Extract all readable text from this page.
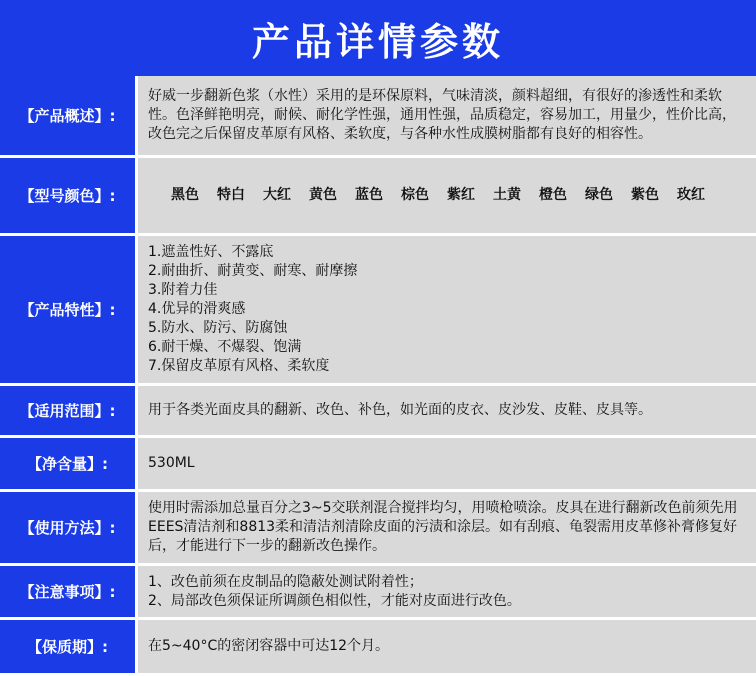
产品详情参数
【产品概述】:
好威一步翻新色浆（水性）采用的是环保原料，气味清淡，颜料超细，有很好的渗透性和柔软性。色泽鲜艳明亮，耐候、耐化学性强，通用性强，品质稳定，容易加工，用量少，性价比高，改色完之后保留皮革原有风格、柔软度，与各种水性成膜树脂都有良好的相容性。
【型号颜色】:	黑色 特白 大红 黄色 蓝色 棕色 紫红 土黄 橙色 绿色 紫色 玫红
【产品特性】:
1.遮盖性好、不露底
2.耐曲折、耐黄变、耐寒、耐摩擦
3.附着力佳
4.优异的滑爽感
5.防水、防污、防腐蚀
6.耐干燥、不爆裂、饱满
7.保留皮革原有风格、柔软度
【适用范围】:	用于各类光面皮具的翻新、改色、补色，如光面的皮衣、皮沙发、皮鞋、皮具等。
【净含量】:	530ML
【使用方法】:
使用时需添加总量百分之3~5交联剂混合搅拌均匀，用喷枪喷涂。皮具在进行翻新改色前须先用EEES清洁剂和8813柔和清洁剂清除皮面的污渍和涂层。如有刮痕、龟裂需用皮革修补膏修复好后，才能进行下一步的翻新改色操作。
【注意事项】:
1、改色前须在皮制品的隐蔽处测试附着性；
2、局部改色须保证所调颜色相似性，才能对皮面进行改色。
【保质期】:	在5~40°C的密闭容器中可达12个月。
